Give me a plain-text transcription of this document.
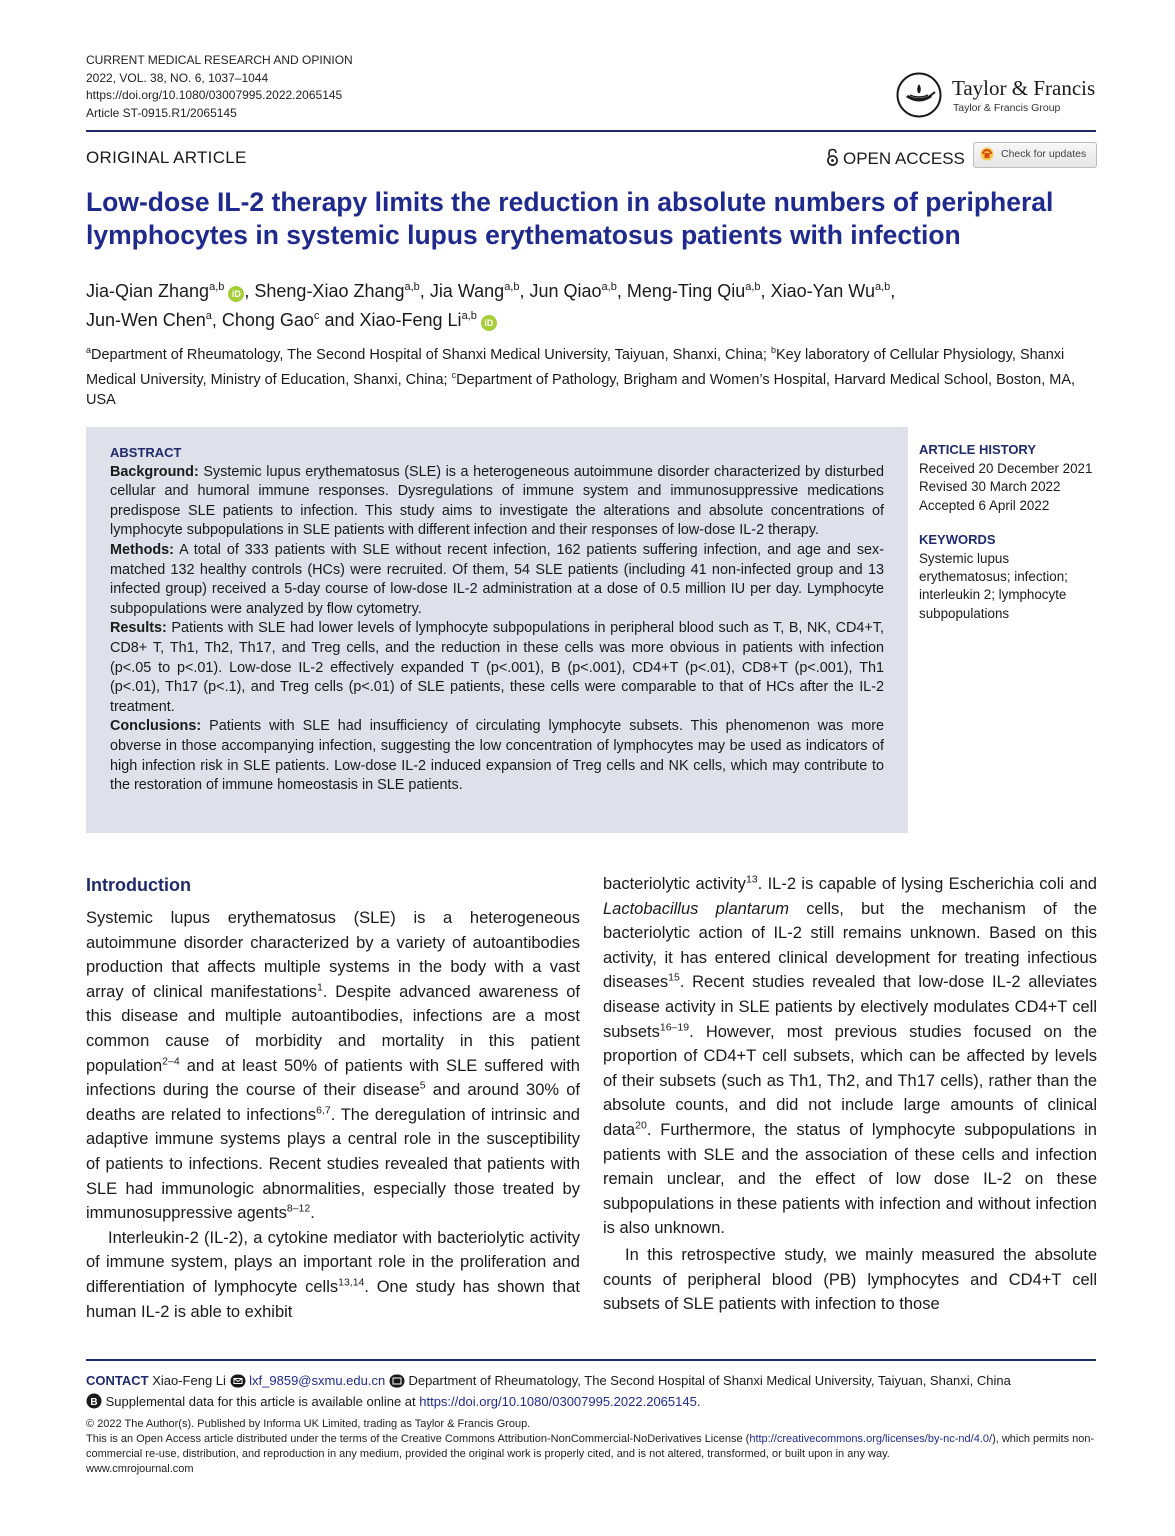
CURRENT MEDICAL RESEARCH AND OPINION
2022, VOL. 38, NO. 6, 1037–1044
https://doi.org/10.1080/03007995.2022.2065145
Article ST-0915.R1/2065145
Taylor & Francis
Taylor & Francis Group
ORIGINAL ARTICLE	OPEN ACCESS	Check for updates
Low-dose IL-2 therapy limits the reduction in absolute numbers of peripheral lymphocytes in systemic lupus erythematosus patients with infection
Jia-Qian Zhang$^{a,b}$iD , Sheng-Xiao Zhang$^{a,b}$, Jia Wang$^{a,b}$, Jun Qiao$^{a,b}$, Meng-Ting Qiu$^{a,b}$, Xiao-Yan Wu$^{a,b}$,
Jun-Wen Chen$^a$, Chong Gao$^c$ and Xiao-Feng Li$^{a,b}$iD
$^a$Department of Rheumatology, The Second Hospital of Shanxi Medical University, Taiyuan, Shanxi, China; $^b$Key laboratory of Cellular Physiology, Shanxi Medical University, Ministry of Education, Shanxi, China; $^c$Department of Pathology, Brigham and Women’s Hospital, Harvard Medical School, Boston, MA, USA
ABSTRACT
Background: Systemic lupus erythematosus (SLE) is a heterogeneous autoimmune disorder characterized by disturbed cellular and humoral immune responses. Dysregulations of immune system and immunosuppressive medications predispose SLE patients to infection. This study aims to investigate the alterations and absolute concentrations of lymphocyte subpopulations in SLE patients with different infection and their responses of low-dose IL-2 therapy.
Methods: A total of 333 patients with SLE without recent infection, 162 patients suffering infection, and age and sex-matched 132 healthy controls (HCs) were recruited. Of them, 54 SLE patients (including 41 non-infected group and 13 infected group) received a 5-day course of low-dose IL-2 administration at a dose of 0.5 million IU per day. Lymphocyte subpopulations were analyzed by flow cytometry.
Results: Patients with SLE had lower levels of lymphocyte subpopulations in peripheral blood such as T, B, NK, CD4+T, CD8+ T, Th1, Th2, Th17, and Treg cells, and the reduction in these cells was more obvious in patients with infection (p<.05 to p<.01). Low-dose IL-2 effectively expanded T (p<.001), B (p<.001), CD4+T (p<.01), CD8+T (p<.001), Th1 (p<.01), Th17 (p<.1), and Treg cells (p<.01) of SLE patients, these cells were comparable to that of HCs after the IL-2 treatment.
Conclusions: Patients with SLE had insufficiency of circulating lymphocyte subsets. This phenomenon was more obverse in those accompanying infection, suggesting the low concentration of lymphocytes may be used as indicators of high infection risk in SLE patients. Low-dose IL-2 induced expansion of Treg cells and NK cells, which may contribute to the restoration of immune homeostasis in SLE patients.
ARTICLE HISTORY
Received 20 December 2021
Revised 30 March 2022
Accepted 6 April 2022
KEYWORDS
Systemic lupus erythematosus; infection; interleukin 2; lymphocyte subpopulations

Introduction

Systemic lupus erythematosus (SLE) is a heterogeneous autoimmune disorder characterized by a variety of autoantibodies production that affects multiple systems in the body with a vast array of clinical manifestations$^1$. Despite advanced awareness of this disease and multiple autoantibodies, infections are a most common cause of morbidity and mortality in this patient population$^{2-4}$ and at least 50% of patients with SLE suffered with infections during the course of their disease$^5$ and around 30% of deaths are related to infections$^{6,7}$. The deregulation of intrinsic and adaptive immune systems plays a central role in the susceptibility of patients to infections. Recent studies revealed that patients with SLE had immunologic abnormalities, especially those treated by immunosuppressive agents$^{8-12}$.

Interleukin-2 (IL-2), a cytokine mediator with bacteriolytic activity of immune system, plays an important role in the proliferation and differentiation of lymphocyte cells$^{13,14}$. One study has shown that human IL-2 is able to exhibit

bacteriolytic activity$^{13}$. IL-2 is capable of lysing Escherichia coli and Lactobacillus plantarum cells, but the mechanism of the bacteriolytic action of IL-2 still remains unknown. Based on this activity, it has entered clinical development for treating infectious diseases$^{15}$. Recent studies revealed that low-dose IL-2 alleviates disease activity in SLE patients by electively modulates CD4+T cell subsets$^{16-19}$. However, most previous studies focused on the proportion of CD4+T cell subsets, which can be affected by levels of their subsets (such as Th1, Th2, and Th17 cells), rather than the absolute counts, and did not include large amounts of clinical data$^{20}$. Furthermore, the status of lymphocyte subpopulations in patients with SLE and the association of these cells and infection remain unclear, and the effect of low dose IL-2 on these subpopulations in these patients with infection and without infection is also unknown.

In this retrospective study, we mainly measured the absolute counts of peripheral blood (PB) lymphocytes and CD4+T cell subsets of SLE patients with infection to those

CONTACT Xiao-Feng Li  lxf_9859@sxmu.edu.cn  Department of Rheumatology, The Second Hospital of Shanxi Medical University, Taiyuan, Shanxi, China
B Supplemental data for this article is available online at https://doi.org/10.1080/03007995.2022.2065145.
© 2022 The Author(s). Published by Informa UK Limited, trading as Taylor & Francis Group.
This is an Open Access article distributed under the terms of the Creative Commons Attribution-NonCommercial-NoDerivatives License (http://creativecommons.org/licenses/by-nc-nd/4.0/), which permits non-commercial re-use, distribution, and reproduction in any medium, provided the original work is properly cited, and is not altered, transformed, or built upon in any way.
www.cmrojournal.com
